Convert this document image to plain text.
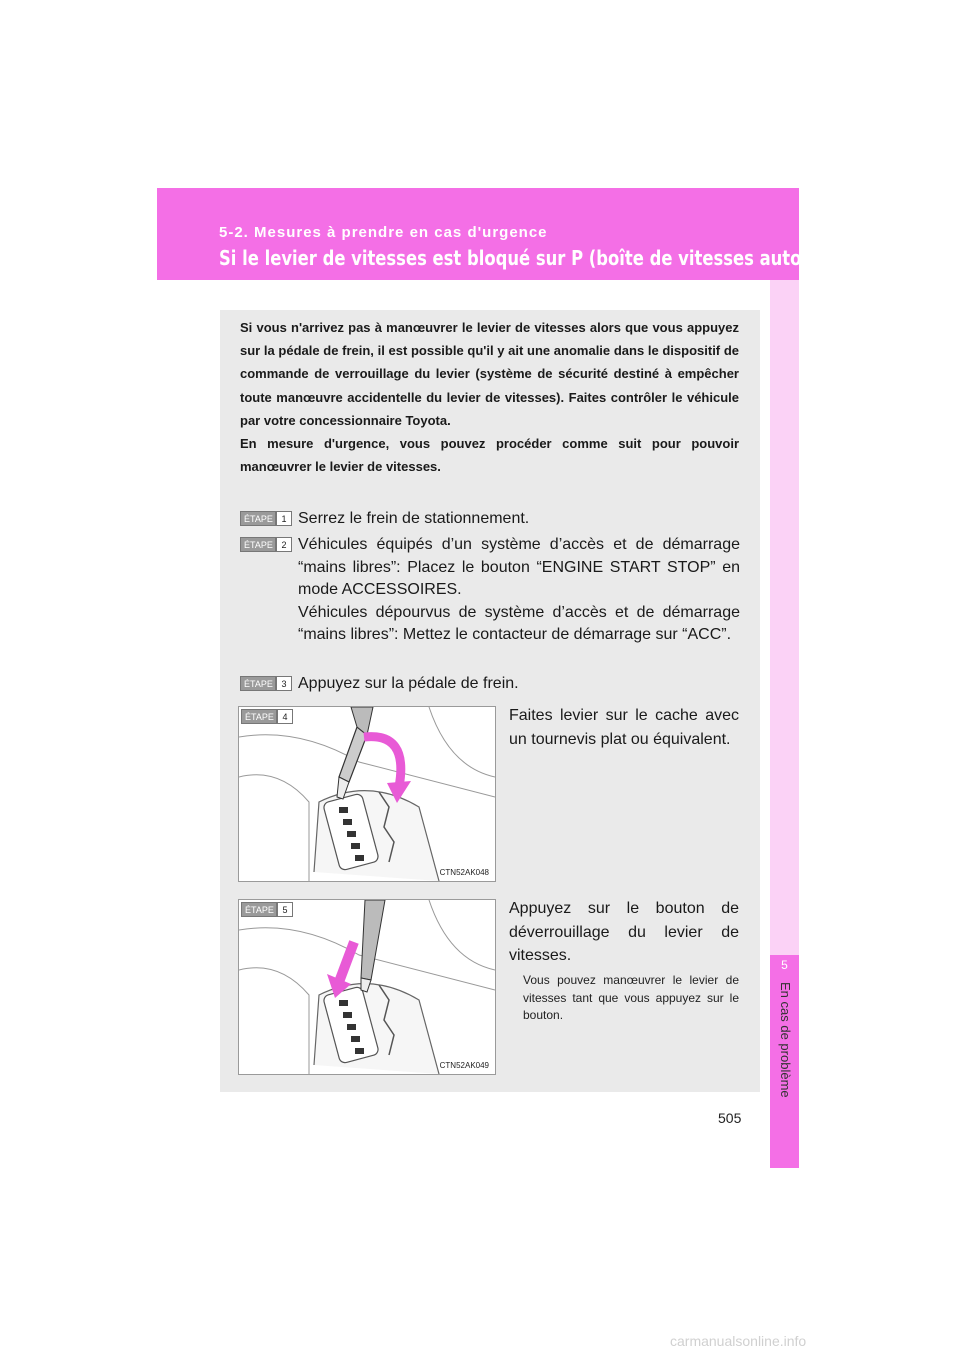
5-2. Mesures à prendre en cas d'urgence
Si le levier de vitesses est bloqué sur P (boîte de vitesses automatique)
5
En cas de problème

Si vous n'arrivez pas à manœuvrer le levier de vitesses alors que vous appuyez sur la pédale de frein, il est possible qu'il y ait une anomalie dans le dispositif de commande de verrouillage du levier (système de sécurité destiné à empêcher toute manœuvre accidentelle du levier de vitesses). Faites contrôler le véhicule par votre concessionnaire Toyota.

En mesure d'urgence, vous pouvez procéder comme suit pour pouvoir manœuvrer le levier de vitesses.

ÉTAPE 1 Serrez le frein de stationnement.

ÉTAPE 2 Véhicules équipés d’un système d’accès et de démarrage “mains libres”: Placez le bouton “ENGINE START STOP” en mode ACCESSOIRES.

Véhicules dépourvus de système d’accès et de démarrage “mains libres”: Mettez le contacteur de démarrage sur “ACC”.

ÉTAPE 3 Appuyez sur la pédale de frein.

ÉTAPE 4
CTN52AK048
Faites levier sur le cache avec un tournevis plat ou équivalent.
ÉTAPE 5
CTN52AK049
Appuyez sur le bouton de déverrouillage du levier de vitesses.
Vous pouvez manœuvrer le levier de vitesses tant que vous appuyez sur le bouton.
505
carmanualsonline.info
